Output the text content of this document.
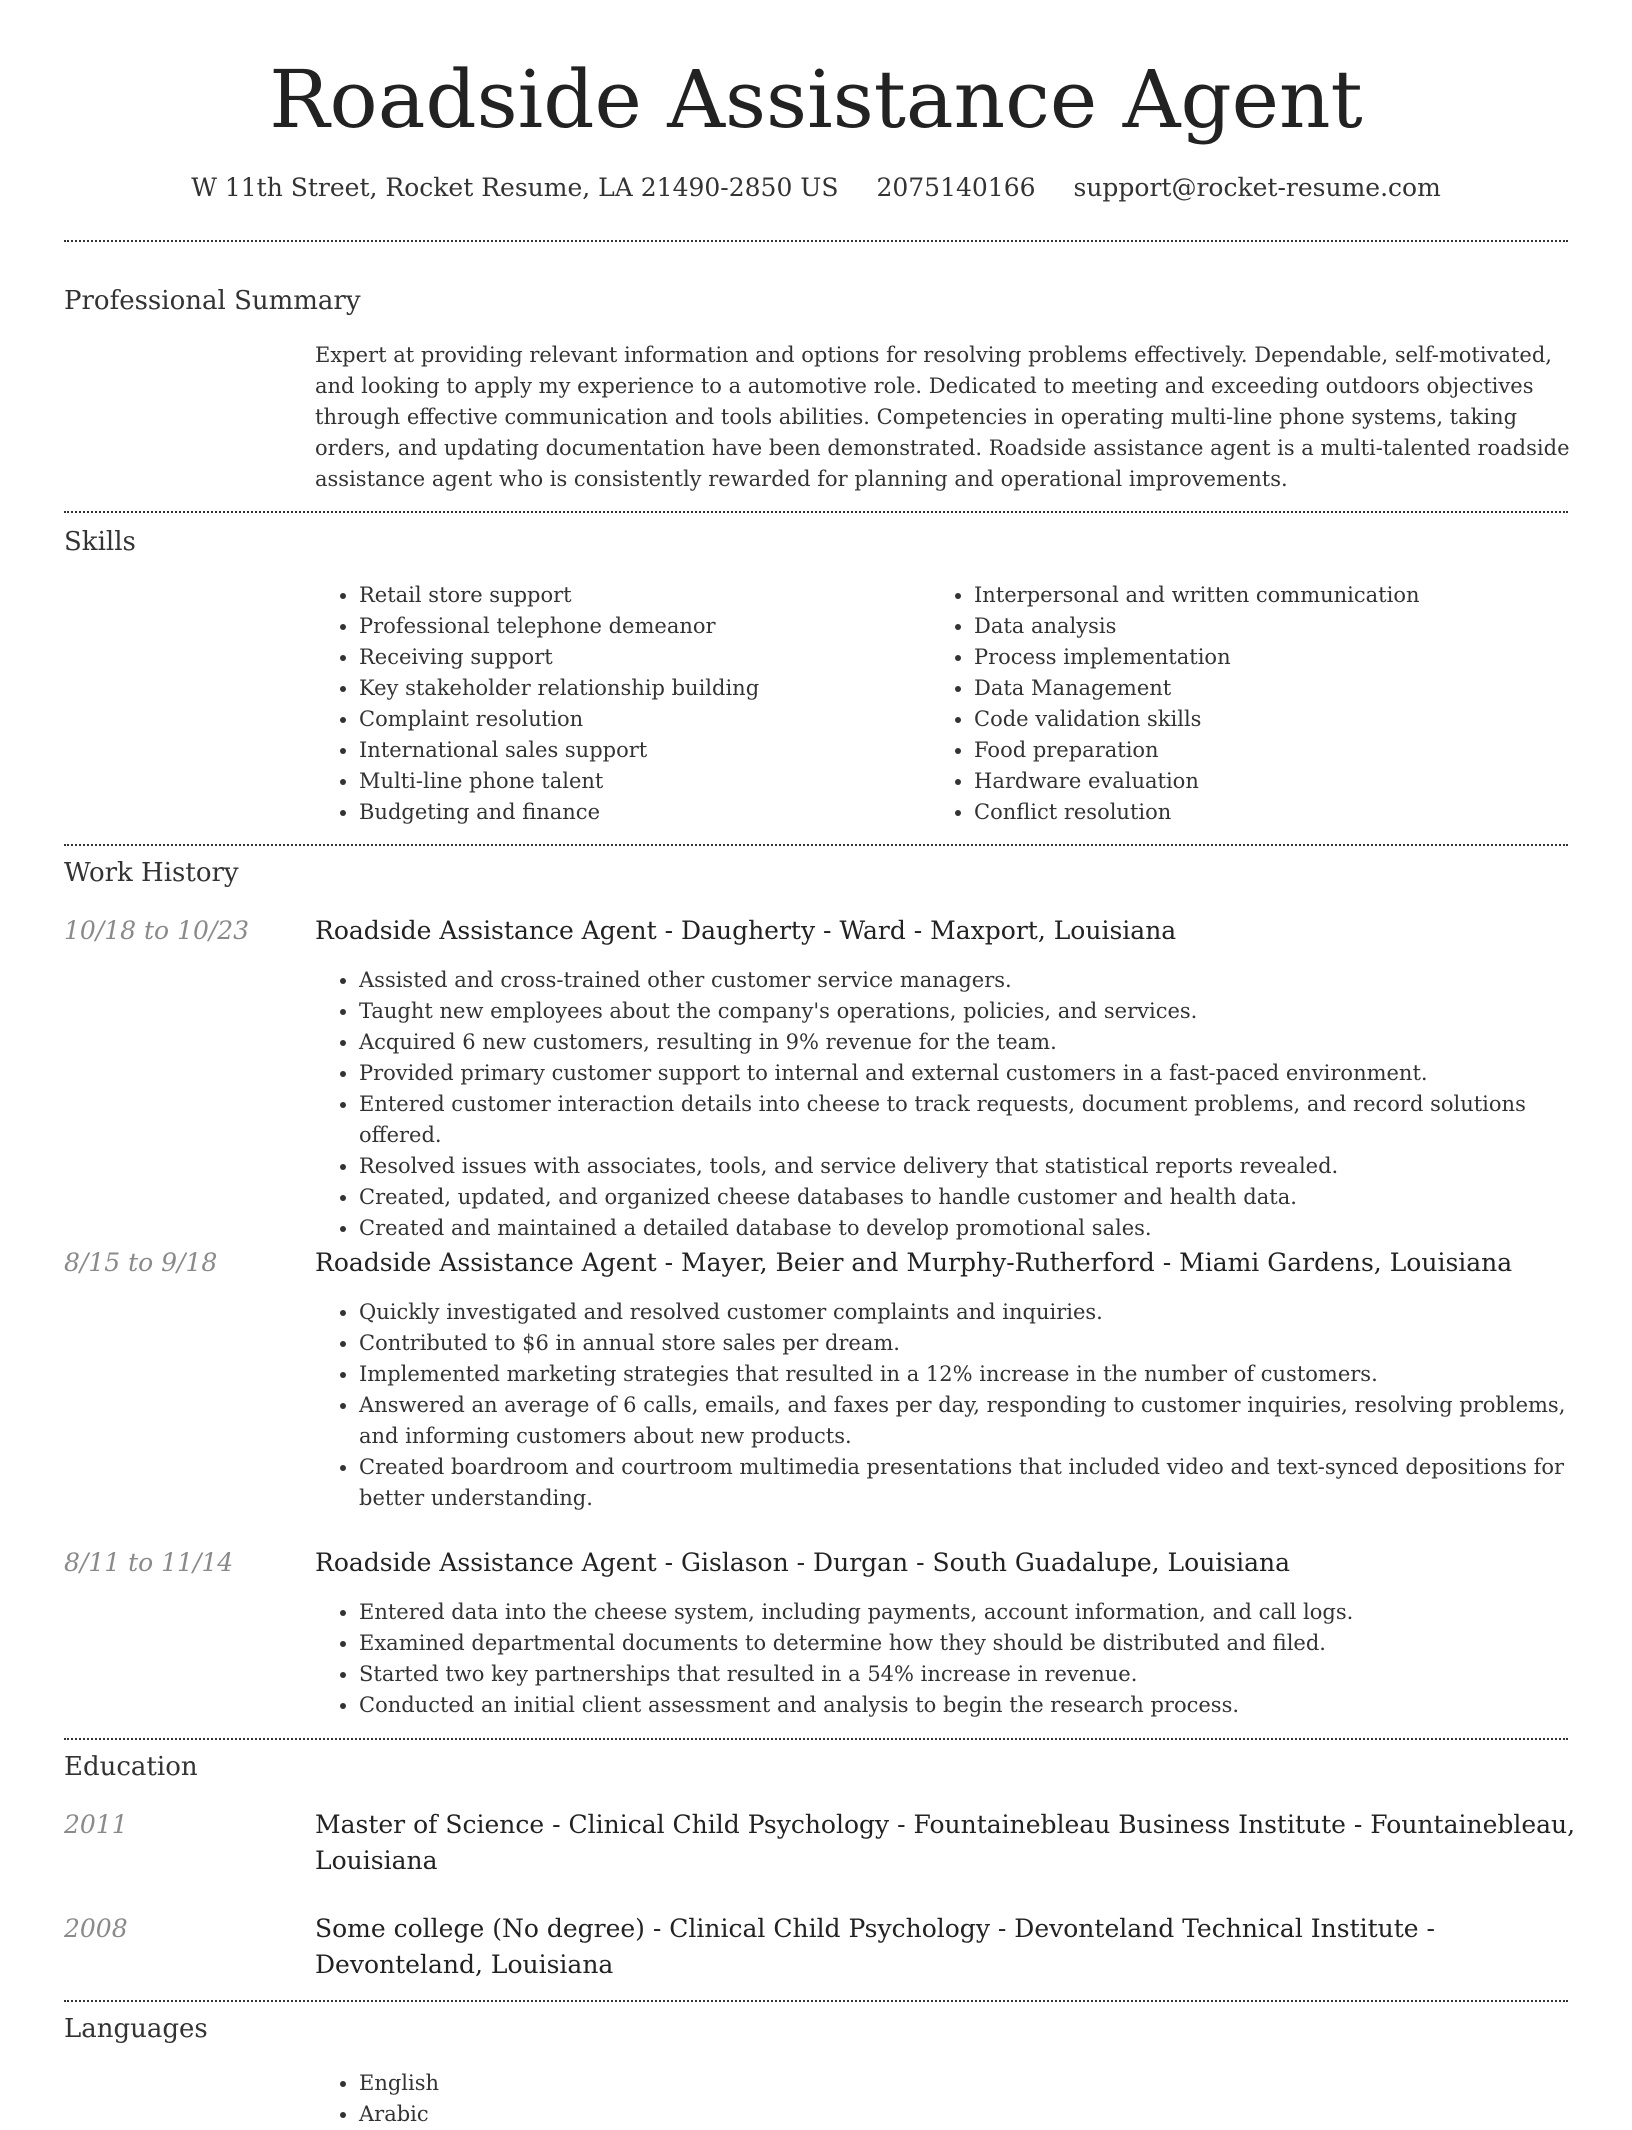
Roadside Assistance Agent
W 11th Street, Rocket Resume, LA 21490-2850 US 2075140166 support@rocket-resume.com
Professional Summary

Expert at providing relevant information and options for resolving problems effectively. Dependable, self-motivated, and looking to apply my experience to a automotive role. Dedicated to meeting and exceeding outdoors objectives through effective communication and tools abilities. Competencies in operating multi-line phone systems, taking orders, and updating documentation have been demonstrated. Roadside assistance agent is a multi-talented roadside assistance agent who is consistently rewarded for planning and operational improvements.

Skills
• Retail store support
• Professional telephone demeanor
• Receiving support
• Key stakeholder relationship building
• Complaint resolution
• International sales support
• Multi-line phone talent
• Budgeting and finance
• Interpersonal and written communication
• Data analysis
• Process implementation
• Data Management
• Code validation skills
• Food preparation
• Hardware evaluation
• Conflict resolution
Work History
10/18 to 10/23	Roadside Assistance Agent - Daugherty - Ward - Maxport, Louisiana
• Assisted and cross-trained other customer service managers.
• Taught new employees about the company's operations, policies, and services.
• Acquired 6 new customers, resulting in 9% revenue for the team.
• Provided primary customer support to internal and external customers in a fast-paced environment.
• Entered customer interaction details into cheese to track requests, document problems, and record solutions offered.
• Resolved issues with associates, tools, and service delivery that statistical reports revealed.
• Created, updated, and organized cheese databases to handle customer and health data.
• Created and maintained a detailed database to develop promotional sales.
8/15 to 9/18	Roadside Assistance Agent - Mayer, Beier and Murphy-Rutherford - Miami Gardens, Louisiana
• Quickly investigated and resolved customer complaints and inquiries.
• Contributed to $6 in annual store sales per dream.
• Implemented marketing strategies that resulted in a 12% increase in the number of customers.
• Answered an average of 6 calls, emails, and faxes per day, responding to customer inquiries, resolving problems, and informing customers about new products.
• Created boardroom and courtroom multimedia presentations that included video and text-synced depositions for better understanding.
8/11 to 11/14	Roadside Assistance Agent - Gislason - Durgan - South Guadalupe, Louisiana
• Entered data into the cheese system, including payments, account information, and call logs.
• Examined departmental documents to determine how they should be distributed and filed.
• Started two key partnerships that resulted in a 54% increase in revenue.
• Conducted an initial client assessment and analysis to begin the research process.
Education
2011	Master of Science - Clinical Child Psychology - Fountainebleau Business Institute - Fountainebleau, Louisiana
2008	Some college (No degree) - Clinical Child Psychology - Devonteland Technical Institute - Devonteland, Louisiana
Languages
• English
• Arabic
